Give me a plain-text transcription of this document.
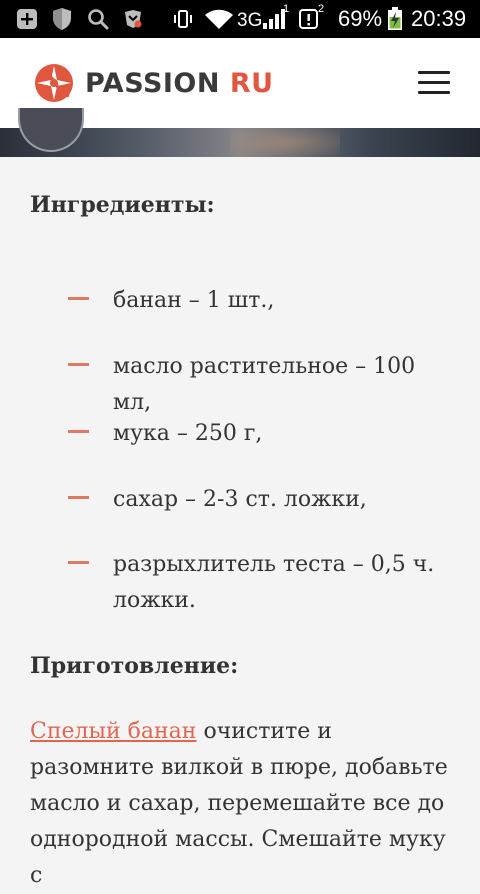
3G
1	2 69% 20:39
PASSION RU
Ингредиенты:
банан – 1 шт.,
масло растительное – 100 мл,
мука – 250 г,
сахар – 2-3 ст. ложки,
разрыхлитель теста – 0,5 ч. ложки.
Приготовление:
Спелый банан очистите и разомните вилкой в пюре, добавьте масло и сахар, перемешайте все до однородной массы. Смешайте муку с
